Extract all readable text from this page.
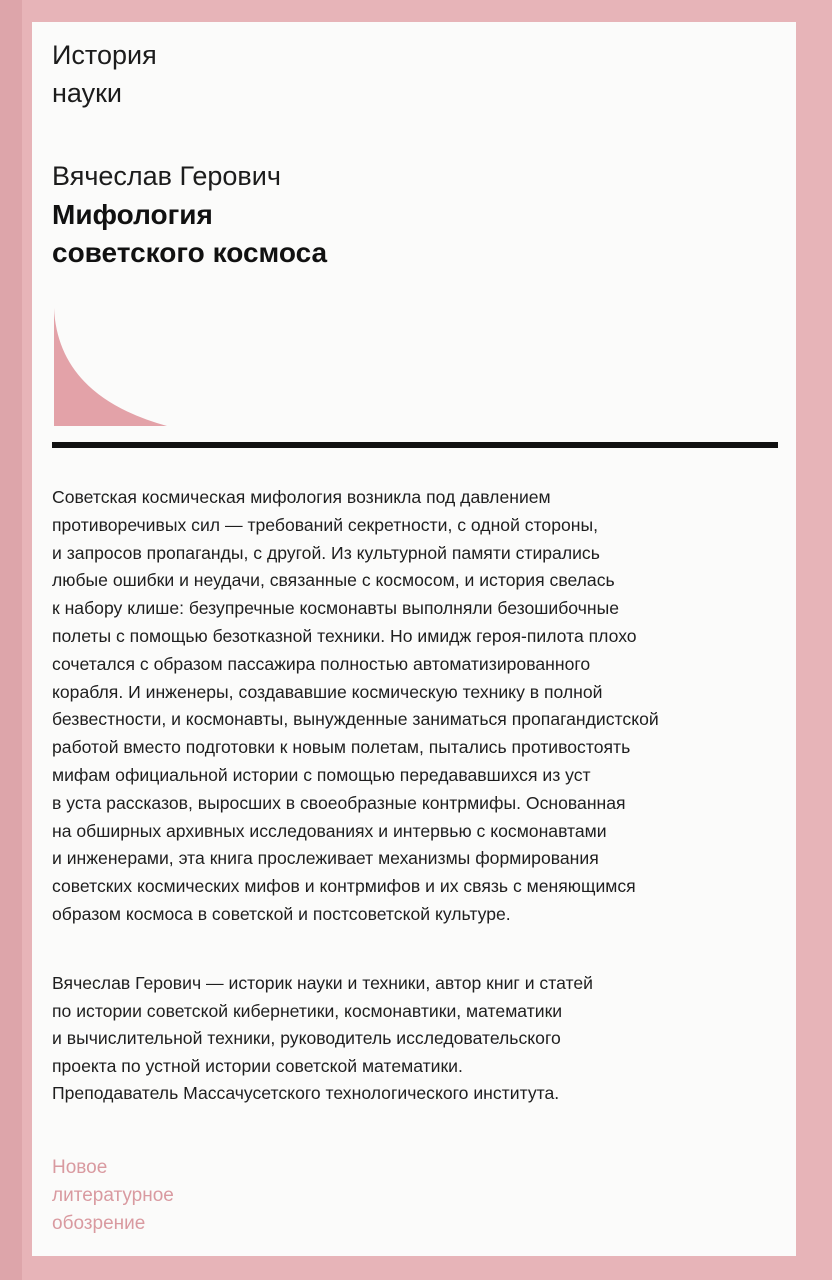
История
науки
Вячеслав Герович
Мифология
советского космоса
Советская космическая мифология возникла под давлением
противоречивых сил — требований секретности, с одной стороны,
и запросов пропаганды, с другой. Из культурной памяти стирались
любые ошибки и неудачи, связанные с космосом, и история свелась
к набору клише: безупречные космонавты выполняли безошибочные
полеты с помощью безотказной техники. Но имидж героя-пилота плохо
сочетался с образом пассажира полностью автоматизированного
корабля. И инженеры, создававшие космическую технику в полной
безвестности, и космонавты, вынужденные заниматься пропагандистской
работой вместо подготовки к новым полетам, пытались противостоять
мифам официальной истории с помощью передававшихся из уст
в уста рассказов, выросших в своеобразные контрмифы. Основанная
на обширных архивных исследованиях и интервью с космонавтами
и инженерами, эта книга прослеживает механизмы формирования
советских космических мифов и контрмифов и их связь с меняющимся
образом космоса в советской и постсоветской культуре.
Вячеслав Герович — историк науки и техники, автор книг и статей
по истории советской кибернетики, космонавтики, математики
и вычислительной техники, руководитель исследовательского
проекта по устной истории советской математики.
Преподаватель Массачусетского технологического института.
Новое
литературное
обозрение
